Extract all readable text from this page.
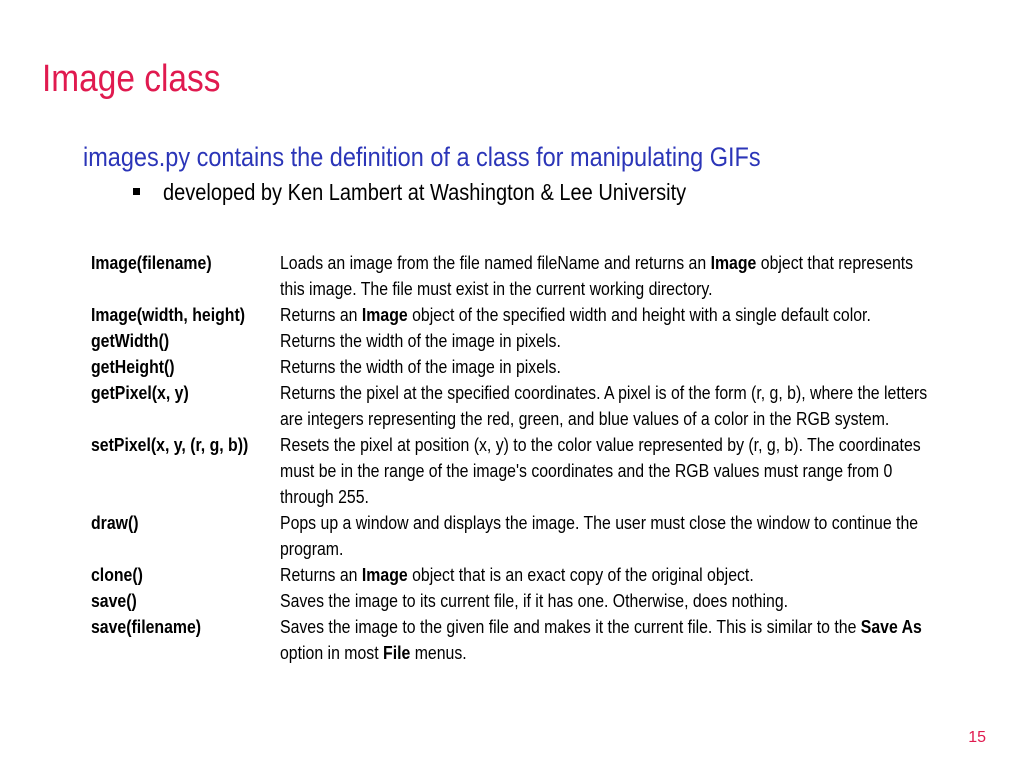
Image class
images.py contains the definition of a class for manipulating GIFs
developed by Ken Lambert at Washington & Lee University
Image(filename)	Loads an image from the file named fileName and returns an Image object that represents this image. The file must exist in the current working directory.
Image(width, height)	Returns an Image object of the specified width and height with a single default color.
getWidth()	Returns the width of the image in pixels.
getHeight()	Returns the width of the image in pixels.
getPixel(x, y)	Returns the pixel at the specified coordinates. A pixel is of the form (r, g, b), where the letters are integers representing the red, green, and blue values of a color in the RGB system.
setPixel(x, y, (r, g, b))	Resets the pixel at position (x, y) to the color value represented by (r, g, b). The coordinates must be in the range of the image's coordinates and the RGB values must range from 0 through 255.
draw()	Pops up a window and displays the image. The user must close the window to continue the program.
clone()	Returns an Image object that is an exact copy of the original object.
save()	Saves the image to its current file, if it has one. Otherwise, does nothing.
save(filename)	Saves the image to the given file and makes it the current file. This is similar to the Save As option in most File menus.
15
